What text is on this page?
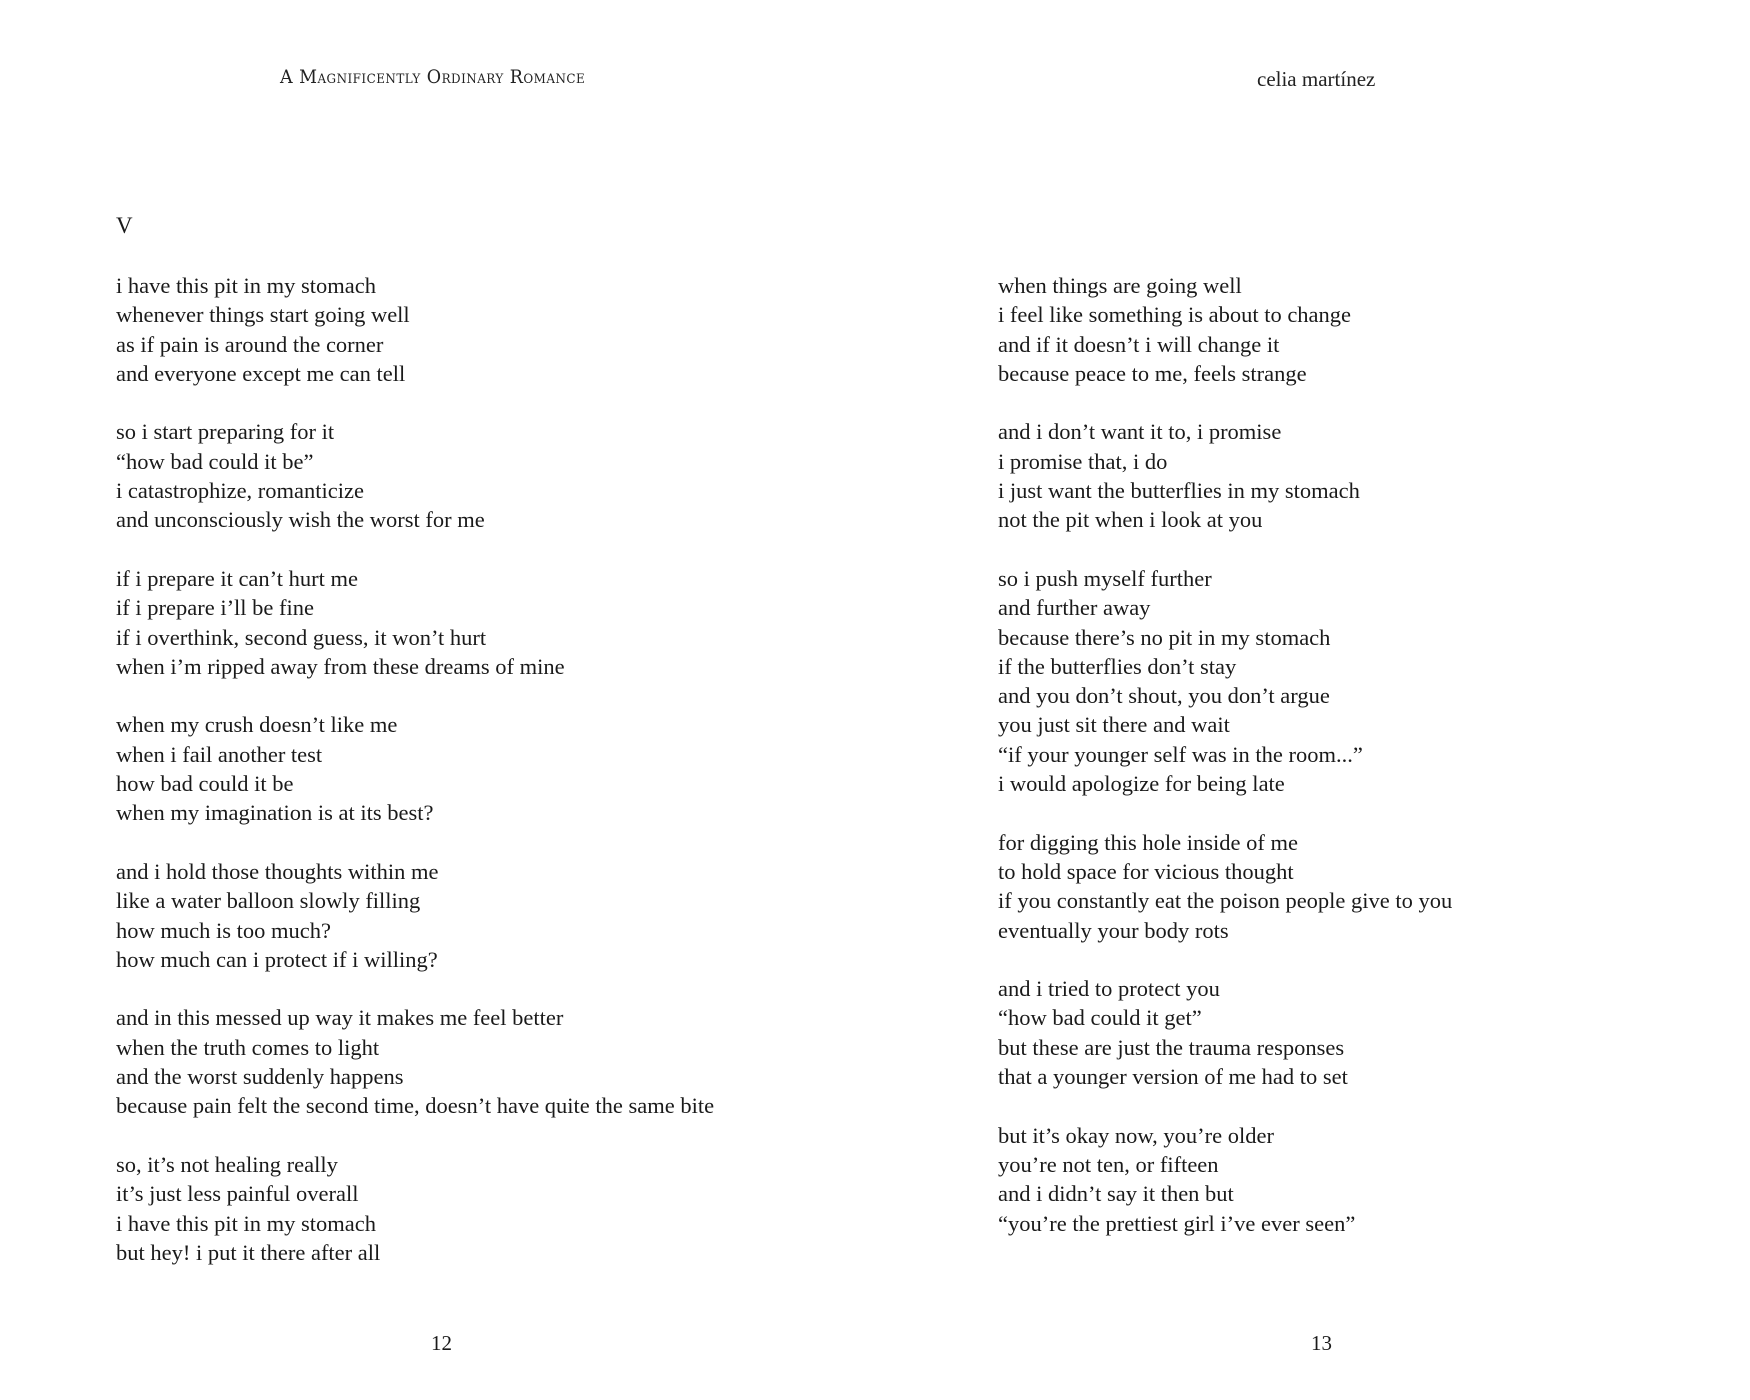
A Magnificently Ordinary Romance
V
i have this pit in my stomach
whenever things start going well
as if pain is around the corner
and everyone except me can tell
so i start preparing for it
“how bad could it be”
i catastrophize, romanticize
and unconsciously wish the worst for me
if i prepare it can’t hurt me
if i prepare i’ll be fine
if i overthink, second guess, it won’t hurt
when i’m ripped away from these dreams of mine
when my crush doesn’t like me
when i fail another test
how bad could it be
when my imagination is at its best?
and i hold those thoughts within me
like a water balloon slowly filling
how much is too much?
how much can i protect if i willing?
and in this messed up way it makes me feel better
when the truth comes to light
and the worst suddenly happens
because pain felt the second time, doesn’t have quite the same bite
so, it’s not healing really
it’s just less painful overall
i have this pit in my stomach
but hey! i put it there after all
12
celia martínez
when things are going well
i feel like something is about to change
and if it doesn’t i will change it
because peace to me, feels strange
and i don’t want it to, i promise
i promise that, i do
i just want the butterflies in my stomach
not the pit when i look at you
so i push myself further
and further away
because there’s no pit in my stomach
if the butterflies don’t stay
and you don’t shout, you don’t argue
you just sit there and wait
“if your younger self was in the room...”
i would apologize for being late
for digging this hole inside of me
to hold space for vicious thought
if you constantly eat the poison people give to you
eventually your body rots
and i tried to protect you
“how bad could it get”
but these are just the trauma responses
that a younger version of me had to set
but it’s okay now, you’re older
you’re not ten, or fifteen
and i didn’t say it then but
“you’re the prettiest girl i’ve ever seen”
13
